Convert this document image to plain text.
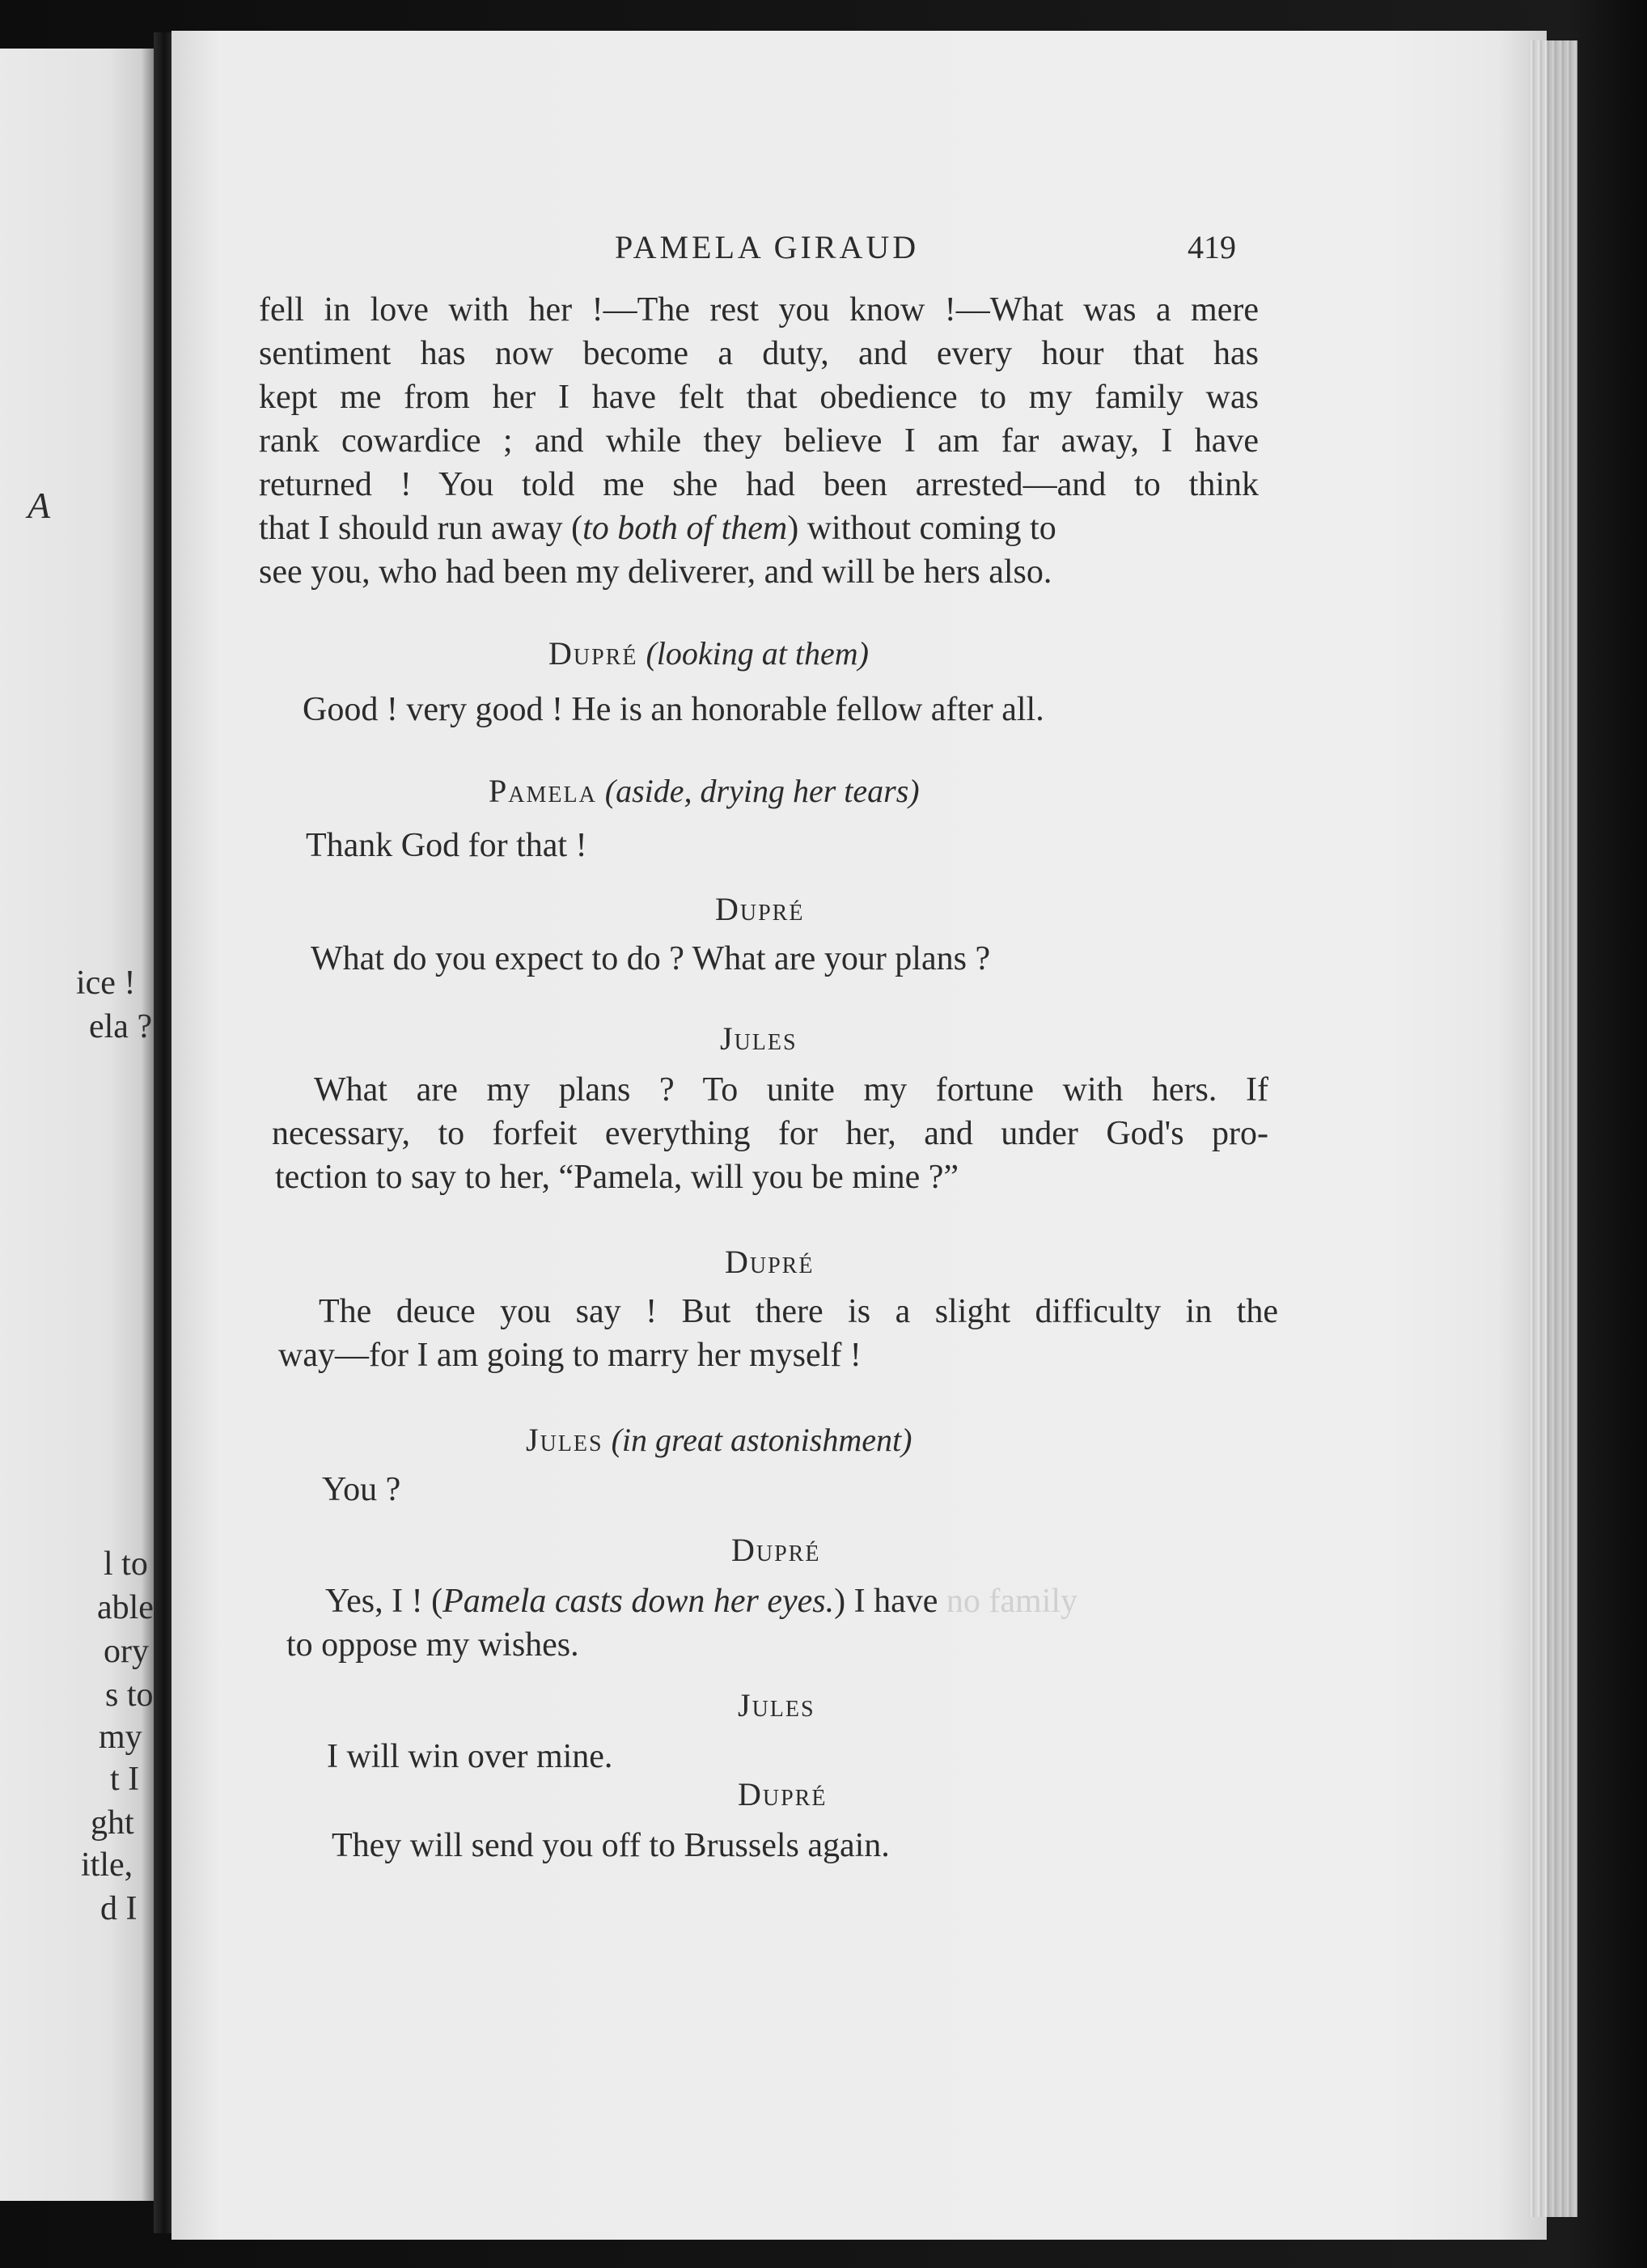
A
ice !
ela ?
l to
able
ory
s to
my
t I
ght
itle,
d I
PAMELA GIRAUD	419
fell in love with her !—The rest you know !—What was a mere
sentiment has now become a duty, and every hour that has
kept me from her I have felt that obedience to my family was
rank cowardice ; and while they believe I am far away, I have
returned ! You told me she had been arrested—and to think
that I should run away (to both of them) without coming to
see you, who had been my deliverer, and will be hers also.
Dupré (looking at them)
Good ! very good ! He is an honorable fellow after all.
Pamela (aside, drying her tears)
Thank God for that !
Dupré
What do you expect to do ? What are your plans ?
Jules
What are my plans ? To unite my fortune with hers. If
necessary, to forfeit everything for her, and under God's pro-
tection to say to her, “Pamela, will you be mine ?”
Dupré
The deuce you say ! But there is a slight difficulty in the
way—for I am going to marry her myself !
Jules (in great astonishment)
You ?
Dupré
Yes, I ! (Pamela casts down her eyes.) I have no family
to oppose my wishes.
Jules
I will win over mine.
Dupré
They will send you off to Brussels again.
